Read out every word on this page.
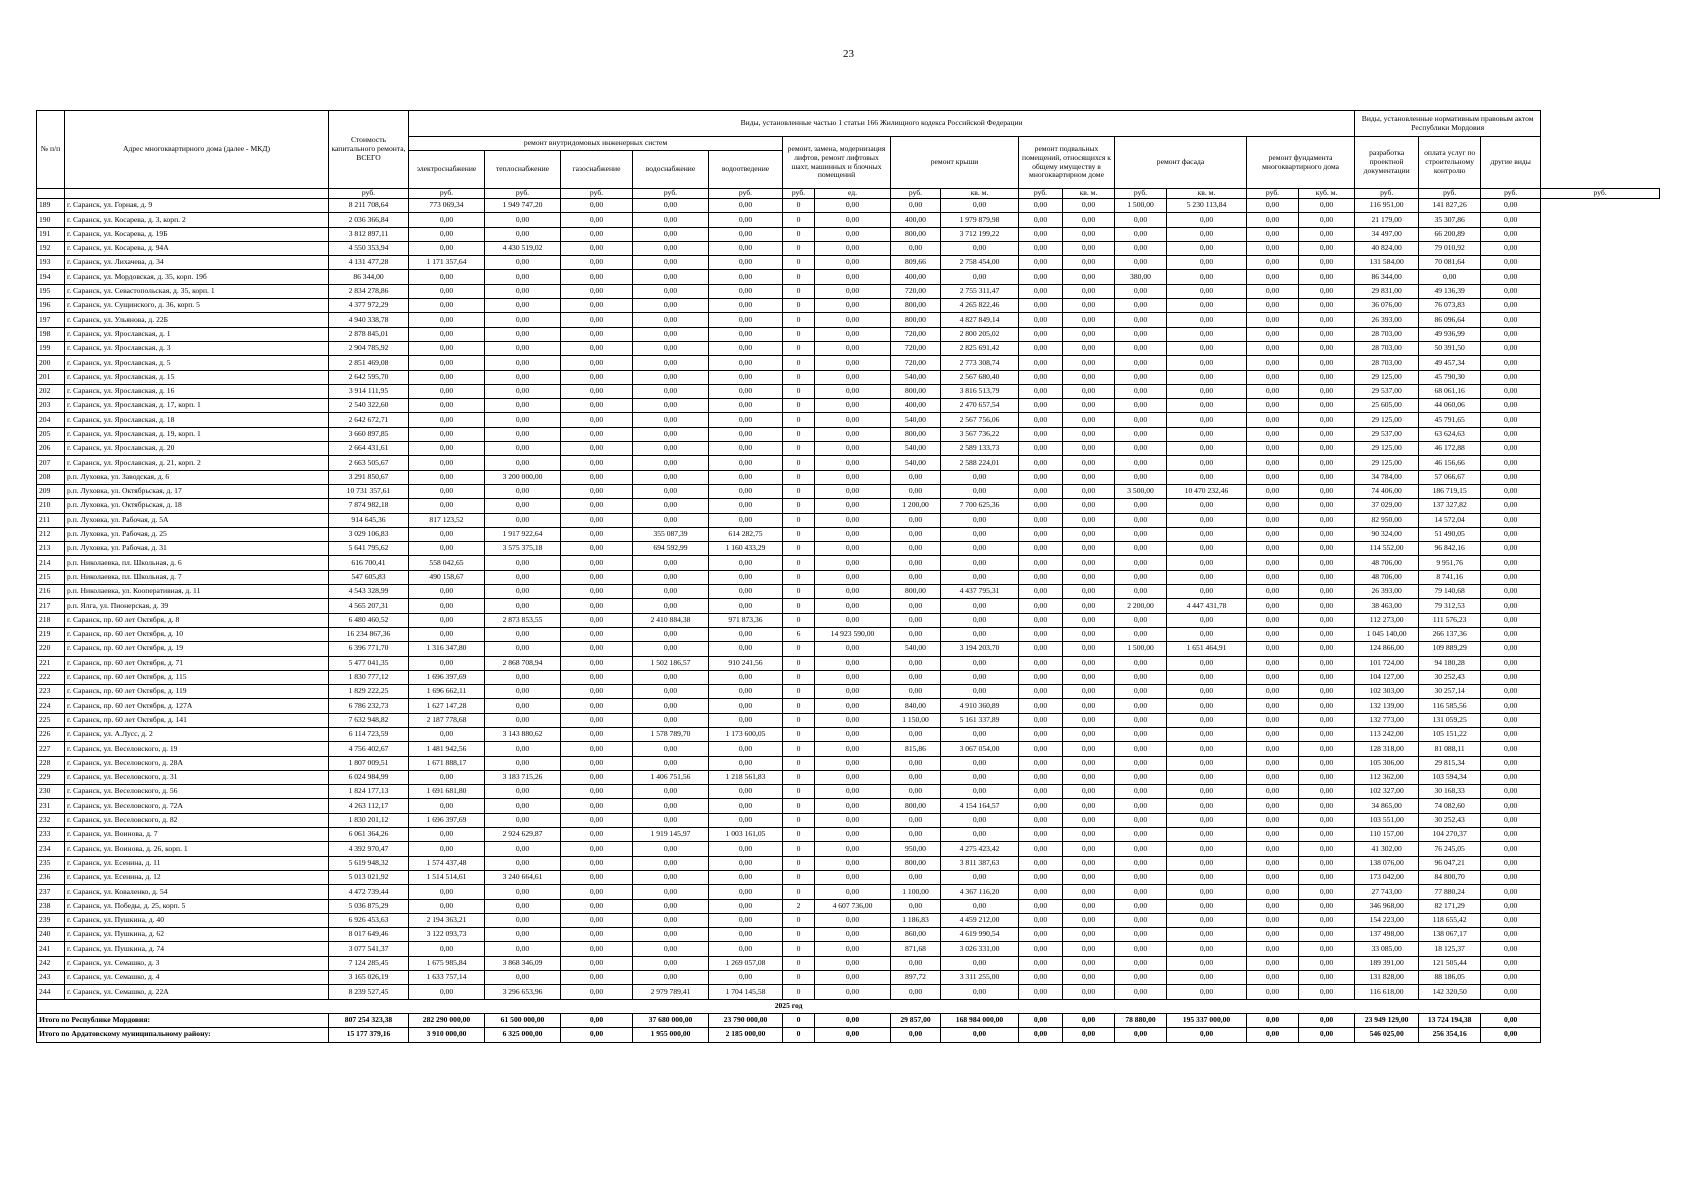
23
№ п/п	Адрес многоквартирного дома (далее - МКД)	Стоимость капитального ремонта, ВСЕГО	Виды, установленные частью 1 статьи 166 Жилищного кодекса Российской Федерации															Виды, установленные нормативным правовым актом Республики Мордовия			
			ремонт внутридомовых инженерных систем					ремонт, замена, модернизация лифтов, ремонт лифтовых шахт, машинных и блочных помещений		ремонт крыши		ремонт подвальных помещений, относящихся к общему имуществу в многоквартирном доме		ремонт фасада		ремонт фундамента многоквартирного дома		разработка проектной документации	оплата услуг по строительному контролю	другие виды	
			электроснабжение	теплоснабжение	газоснабжение	водоснабжение	водоотведение														
		руб.	руб.	руб.	руб.	руб.	руб.	руб.	ед.	руб.	кв. м.	руб.	кв. м.	руб.	кв. м.	руб.	куб. м.	руб.	руб.	руб.	руб.
189	г. Саранск, ул. Горная, д. 9	8 211 708,64	773 069,34	1 949 747,20	0,00	0,00	0,00	0	0,00	0,00	0,00	0,00	0,00	1 500,00	5 230 113,84	0,00	0,00	116 951,00	141 827,26	0,00	
190	г. Саранск, ул. Косарева, д. 3, корп. 2	2 036 366,84	0,00	0,00	0,00	0,00	0,00	0	0,00	400,00	1 979 879,98	0,00	0,00	0,00	0,00	0,00	0,00	21 179,00	35 307,86	0,00	
191	г. Саранск, ул. Косарева, д. 19Б	3 812 897,11	0,00	0,00	0,00	0,00	0,00	0	0,00	800,00	3 712 199,22	0,00	0,00	0,00	0,00	0,00	0,00	34 497,00	66 200,89	0,00	
192	г. Саранск, ул. Косарева, д. 94А	4 550 353,94	0,00	4 430 519,02	0,00	0,00	0,00	0	0,00	0,00	0,00	0,00	0,00	0,00	0,00	0,00	0,00	40 824,00	79 010,92	0,00	
193	г. Саранск, ул. Лихачева, д. 34	4 131 477,28	1 171 357,64	0,00	0,00	0,00	0,00	0	0,00	809,66	2 758 454,00	0,00	0,00	0,00	0,00	0,00	0,00	131 584,00	70 081,64	0,00	
194	г. Саранск, ул. Мордовская, д. 35, корп. 19б	86 344,00	0,00	0,00	0,00	0,00	0,00	0	0,00	400,00	0,00	0,00	0,00	380,00	0,00	0,00	0,00	86 344,00	0,00	0,00	
195	г. Саранск, ул. Севастопольская, д. 35, корп. 1	2 834 278,86	0,00	0,00	0,00	0,00	0,00	0	0,00	720,00	2 755 311,47	0,00	0,00	0,00	0,00	0,00	0,00	29 831,00	49 136,39	0,00	
196	г. Саранск, ул. Сущинского, д. 36, корп. 5	4 377 972,29	0,00	0,00	0,00	0,00	0,00	0	0,00	800,00	4 265 822,46	0,00	0,00	0,00	0,00	0,00	0,00	36 076,00	76 073,83	0,00	
197	г. Саранск, ул. Ульянова, д. 22Б	4 940 338,78	0,00	0,00	0,00	0,00	0,00	0	0,00	800,00	4 827 849,14	0,00	0,00	0,00	0,00	0,00	0,00	26 393,00	86 096,64	0,00	
198	г. Саранск, ул. Ярославская, д. 1	2 878 845,01	0,00	0,00	0,00	0,00	0,00	0	0,00	720,00	2 800 205,02	0,00	0,00	0,00	0,00	0,00	0,00	28 703,00	49 936,99	0,00	
199	г. Саранск, ул. Ярославская, д. 3	2 904 785,92	0,00	0,00	0,00	0,00	0,00	0	0,00	720,00	2 825 691,42	0,00	0,00	0,00	0,00	0,00	0,00	28 703,00	50 391,50	0,00	
200	г. Саранск, ул. Ярославская, д. 5	2 851 469,08	0,00	0,00	0,00	0,00	0,00	0	0,00	720,00	2 773 308,74	0,00	0,00	0,00	0,00	0,00	0,00	28 703,00	49 457,34	0,00	
201	г. Саранск, ул. Ярославская, д. 15	2 642 595,70	0,00	0,00	0,00	0,00	0,00	0	0,00	540,00	2 567 680,40	0,00	0,00	0,00	0,00	0,00	0,00	29 125,00	45 790,30	0,00	
202	г. Саранск, ул. Ярославская, д. 16	3 914 111,95	0,00	0,00	0,00	0,00	0,00	0	0,00	800,00	3 816 513,79	0,00	0,00	0,00	0,00	0,00	0,00	29 537,00	68 061,16	0,00	
203	г. Саранск, ул. Ярославская, д. 17, корп. 1	2 540 322,60	0,00	0,00	0,00	0,00	0,00	0	0,00	400,00	2 470 657,54	0,00	0,00	0,00	0,00	0,00	0,00	25 605,00	44 060,06	0,00	
204	г. Саранск, ул. Ярославская, д. 18	2 642 672,71	0,00	0,00	0,00	0,00	0,00	0	0,00	540,00	2 567 756,06	0,00	0,00	0,00	0,00	0,00	0,00	29 125,00	45 791,65	0,00	
205	г. Саранск, ул. Ярославская, д. 19, корп. 1	3 660 897,85	0,00	0,00	0,00	0,00	0,00	0	0,00	800,00	3 567 736,22	0,00	0,00	0,00	0,00	0,00	0,00	29 537,00	63 624,63	0,00	
206	г. Саранск, ул. Ярославская, д. 20	2 664 431,61	0,00	0,00	0,00	0,00	0,00	0	0,00	540,00	2 589 133,73	0,00	0,00	0,00	0,00	0,00	0,00	29 125,00	46 172,88	0,00	
207	г. Саранск, ул. Ярославская, д. 21, корп. 2	2 663 505,67	0,00	0,00	0,00	0,00	0,00	0	0,00	540,00	2 588 224,01	0,00	0,00	0,00	0,00	0,00	0,00	29 125,00	46 156,66	0,00	
208	р.п. Луховка, ул. Заводская, д. 6	3 291 850,67	0,00	3 200 000,00	0,00	0,00	0,00	0	0,00	0,00	0,00	0,00	0,00	0,00	0,00	0,00	0,00	34 784,00	57 066,67	0,00	
209	р.п. Луховка, ул. Октябрьская, д. 17	10 731 357,61	0,00	0,00	0,00	0,00	0,00	0	0,00	0,00	0,00	0,00	0,00	3 500,00	10 470 232,46	0,00	0,00	74 406,00	186 719,15	0,00	
210	р.п. Луховка, ул. Октябрьская, д. 18	7 874 982,18	0,00	0,00	0,00	0,00	0,00	0	0,00	1 200,00	7 700 625,36	0,00	0,00	0,00	0,00	0,00	0,00	37 029,00	137 327,82	0,00	
211	р.п. Луховка, ул. Рабочая, д. 5А	914 645,36	817 123,52	0,00	0,00	0,00	0,00	0	0,00	0,00	0,00	0,00	0,00	0,00	0,00	0,00	0,00	82 950,00	14 572,04	0,00	
212	р.п. Луховка, ул. Рабочая, д. 25	3 029 106,83	0,00	1 917 922,64	0,00	355 087,39	614 282,75	0	0,00	0,00	0,00	0,00	0,00	0,00	0,00	0,00	0,00	90 324,00	51 490,05	0,00	
213	р.п. Луховка, ул. Рабочая, д. 31	5 641 795,62	0,00	3 575 375,18	0,00	694 592,99	1 160 433,29	0	0,00	0,00	0,00	0,00	0,00	0,00	0,00	0,00	0,00	114 552,00	96 842,16	0,00	
214	р.п. Николаевка, пл. Школьная, д. 6	616 700,41	558 042,65	0,00	0,00	0,00	0,00	0	0,00	0,00	0,00	0,00	0,00	0,00	0,00	0,00	0,00	48 706,00	9 951,76	0,00	
215	р.п. Николаевка, пл. Школьная, д. 7	547 605,83	490 158,67	0,00	0,00	0,00	0,00	0	0,00	0,00	0,00	0,00	0,00	0,00	0,00	0,00	0,00	48 706,00	8 741,16	0,00	
216	р.п. Николаевка, ул. Кооперативная, д. 11	4 543 328,99	0,00	0,00	0,00	0,00	0,00	0	0,00	800,00	4 437 795,31	0,00	0,00	0,00	0,00	0,00	0,00	26 393,00	79 140,68	0,00	
217	р.п. Ялга, ул. Пионерская, д. 39	4 565 207,31	0,00	0,00	0,00	0,00	0,00	0	0,00	0,00	0,00	0,00	0,00	2 200,00	4 447 431,78	0,00	0,00	38 463,00	79 312,53	0,00	
218	г. Саранск, пр. 60 лет Октября, д. 8	6 480 460,52	0,00	2 873 853,55	0,00	2 410 884,38	971 873,36	0	0,00	0,00	0,00	0,00	0,00	0,00	0,00	0,00	0,00	112 273,00	111 576,23	0,00	
219	г. Саранск, пр. 60 лет Октября, д. 10	16 234 867,36	0,00	0,00	0,00	0,00	0,00	6	14 923 590,00	0,00	0,00	0,00	0,00	0,00	0,00	0,00	0,00	1 045 140,00	266 137,36	0,00	
220	г. Саранск, пр. 60 лет Октября, д. 19	6 396 771,70	1 316 347,80	0,00	0,00	0,00	0,00	0	0,00	540,00	3 194 203,70	0,00	0,00	1 500,00	1 651 464,91	0,00	0,00	124 866,00	109 889,29	0,00	
221	г. Саранск, пр. 60 лет Октября, д. 71	5 477 041,35	0,00	2 868 708,94	0,00	1 502 186,57	910 241,56	0	0,00	0,00	0,00	0,00	0,00	0,00	0,00	0,00	0,00	101 724,00	94 180,28	0,00	
222	г. Саранск, пр. 60 лет Октября, д. 115	1 830 777,12	1 696 397,69	0,00	0,00	0,00	0,00	0	0,00	0,00	0,00	0,00	0,00	0,00	0,00	0,00	0,00	104 127,00	30 252,43	0,00	
223	г. Саранск, пр. 60 лет Октября, д. 119	1 829 222,25	1 696 662,11	0,00	0,00	0,00	0,00	0	0,00	0,00	0,00	0,00	0,00	0,00	0,00	0,00	0,00	102 303,00	30 257,14	0,00	
224	г. Саранск, пр. 60 лет Октября, д. 127А	6 786 232,73	1 627 147,28	0,00	0,00	0,00	0,00	0	0,00	840,00	4 910 360,89	0,00	0,00	0,00	0,00	0,00	0,00	132 139,00	116 585,56	0,00	
225	г. Саранск, пр. 60 лет Октября, д. 141	7 632 948,82	2 187 778,68	0,00	0,00	0,00	0,00	0	0,00	1 150,00	5 161 337,89	0,00	0,00	0,00	0,00	0,00	0,00	132 773,00	131 059,25	0,00	
226	г. Саранск, ул. А.Лусс, д. 2	6 114 723,59	0,00	3 143 880,62	0,00	1 578 789,70	1 173 600,05	0	0,00	0,00	0,00	0,00	0,00	0,00	0,00	0,00	0,00	113 242,00	105 151,22	0,00	
227	г. Саранск, ул. Веселовского, д. 19	4 756 402,67	1 481 942,56	0,00	0,00	0,00	0,00	0	0,00	815,86	3 067 054,00	0,00	0,00	0,00	0,00	0,00	0,00	128 318,00	81 088,11	0,00	
228	г. Саранск, ул. Веселовского, д. 28А	1 807 009,51	1 671 888,17	0,00	0,00	0,00	0,00	0	0,00	0,00	0,00	0,00	0,00	0,00	0,00	0,00	0,00	105 306,00	29 815,34	0,00	
229	г. Саранск, ул. Веселовского, д. 31	6 024 984,99	0,00	3 183 715,26	0,00	1 406 751,56	1 218 561,83	0	0,00	0,00	0,00	0,00	0,00	0,00	0,00	0,00	0,00	112 362,00	103 594,34	0,00	
230	г. Саранск, ул. Веселовского, д. 56	1 824 177,13	1 691 681,80	0,00	0,00	0,00	0,00	0	0,00	0,00	0,00	0,00	0,00	0,00	0,00	0,00	0,00	102 327,00	30 168,33	0,00	
231	г. Саранск, ул. Веселовского, д. 72А	4 263 112,17	0,00	0,00	0,00	0,00	0,00	0	0,00	800,00	4 154 164,57	0,00	0,00	0,00	0,00	0,00	0,00	34 865,00	74 082,60	0,00	
232	г. Саранск, ул. Веселовского, д. 82	1 830 201,12	1 696 397,69	0,00	0,00	0,00	0,00	0	0,00	0,00	0,00	0,00	0,00	0,00	0,00	0,00	0,00	103 551,00	30 252,43	0,00	
233	г. Саранск, ул. Воинова, д. 7	6 061 364,26	0,00	2 924 629,87	0,00	1 919 145,97	1 003 161,05	0	0,00	0,00	0,00	0,00	0,00	0,00	0,00	0,00	0,00	110 157,00	104 270,37	0,00	
234	г. Саранск, ул. Воинова, д. 26, корп. 1	4 392 970,47	0,00	0,00	0,00	0,00	0,00	0	0,00	950,00	4 275 423,42	0,00	0,00	0,00	0,00	0,00	0,00	41 302,00	76 245,05	0,00	
235	г. Саранск, ул. Есенина, д. 11	5 619 948,32	1 574 437,48	0,00	0,00	0,00	0,00	0	0,00	800,00	3 811 387,63	0,00	0,00	0,00	0,00	0,00	0,00	138 076,00	96 047,21	0,00	
236	г. Саранск, ул. Есенина, д. 12	5 013 021,92	1 514 514,61	3 240 664,61	0,00	0,00	0,00	0	0,00	0,00	0,00	0,00	0,00	0,00	0,00	0,00	0,00	173 042,00	84 800,70	0,00	
237	г. Саранск, ул. Коваленко, д. 54	4 472 739,44	0,00	0,00	0,00	0,00	0,00	0	0,00	1 100,00	4 367 116,20	0,00	0,00	0,00	0,00	0,00	0,00	27 743,00	77 880,24	0,00	
238	г. Саранск, ул. Победы, д. 25, корп. 5	5 036 875,29	0,00	0,00	0,00	0,00	0,00	2	4 607 736,00	0,00	0,00	0,00	0,00	0,00	0,00	0,00	0,00	346 968,00	82 171,29	0,00	
239	г. Саранск, ул. Пушкина, д. 40	6 926 453,63	2 194 363,21	0,00	0,00	0,00	0,00	0	0,00	1 186,83	4 459 212,00	0,00	0,00	0,00	0,00	0,00	0,00	154 223,00	118 655,42	0,00	
240	г. Саранск, ул. Пушкина, д. 62	8 017 649,46	3 122 093,73	0,00	0,00	0,00	0,00	0	0,00	860,00	4 619 990,54	0,00	0,00	0,00	0,00	0,00	0,00	137 498,00	138 067,17	0,00	
241	г. Саранск, ул. Пушкина, д. 74	3 077 541,37	0,00	0,00	0,00	0,00	0,00	0	0,00	871,68	3 026 331,00	0,00	0,00	0,00	0,00	0,00	0,00	33 085,00	18 125,37	0,00	
242	г. Саранск, ул. Семашко, д. 3	7 124 285,45	1 675 985,84	3 868 346,09	0,00	0,00	1 269 057,08	0	0,00	0,00	0,00	0,00	0,00	0,00	0,00	0,00	0,00	189 391,00	121 505,44	0,00	
243	г. Саранск, ул. Семашко, д. 4	3 165 026,19	1 633 757,14	0,00	0,00	0,00	0,00	0	0,00	897,72	3 311 255,00	0,00	0,00	0,00	0,00	0,00	0,00	131 828,00	88 186,05	0,00	
244	г. Саранск, ул. Семашко, д. 22А	8 239 527,45	0,00	3 296 653,96	0,00	2 979 789,41	1 704 145,58	0	0,00	0,00	0,00	0,00	0,00	0,00	0,00	0,00	0,00	116 618,00	142 320,50	0,00	
2025 год																					
Итого по Республике Мордовия:		807 254 323,38	282 290 000,00	61 500 000,00	0,00	37 680 000,00	23 790 000,00	0	0,00	29 857,00	168 984 000,00	0,00	0,00	78 880,00	195 337 000,00	0,00	0,00	23 949 129,00	13 724 194,38	0,00	
Итого по Ардатовскому муниципальному району:		15 177 379,16	3 910 000,00	6 325 000,00	0,00	1 955 000,00	2 185 000,00	0	0,00	0,00	0,00	0,00	0,00	0,00	0,00	0,00	0,00	546 025,00	256 354,16	0,00	
